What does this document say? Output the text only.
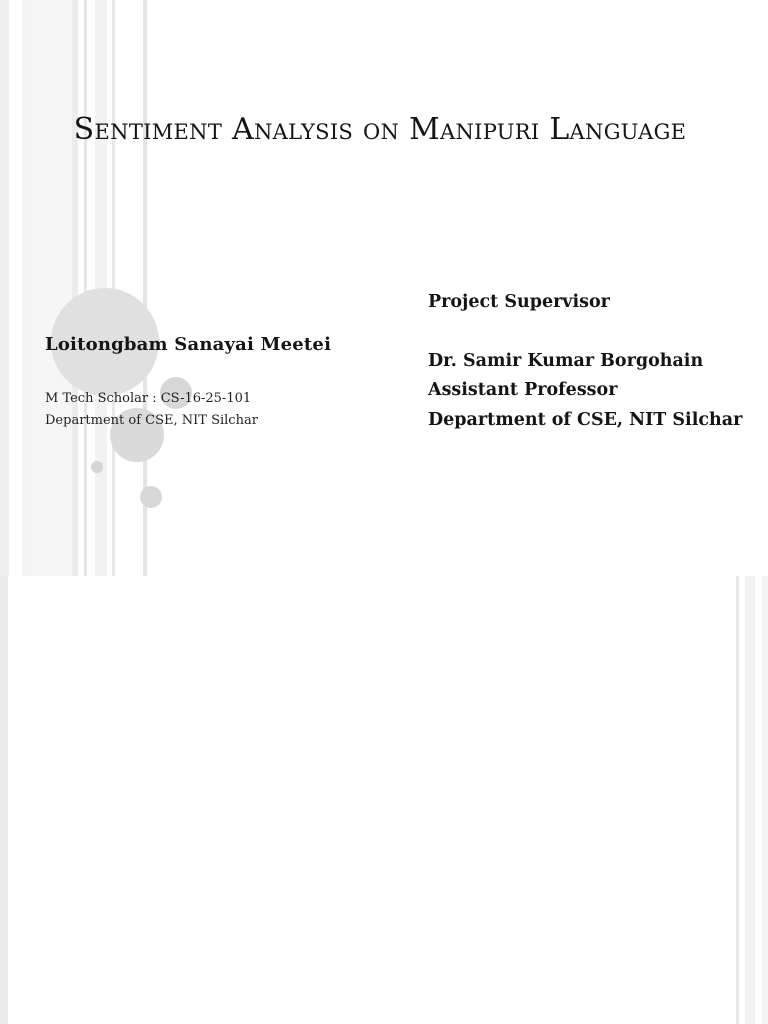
Sentiment Analysis on Manipuri Language

Loitongbam Sanayai Meetei

M Tech Scholar : CS-16-25-101

Department of CSE, NIT Silchar

Project Supervisor

Dr. Samir Kumar Borgohain

Assistant Professor

Department of CSE, NIT Silchar
